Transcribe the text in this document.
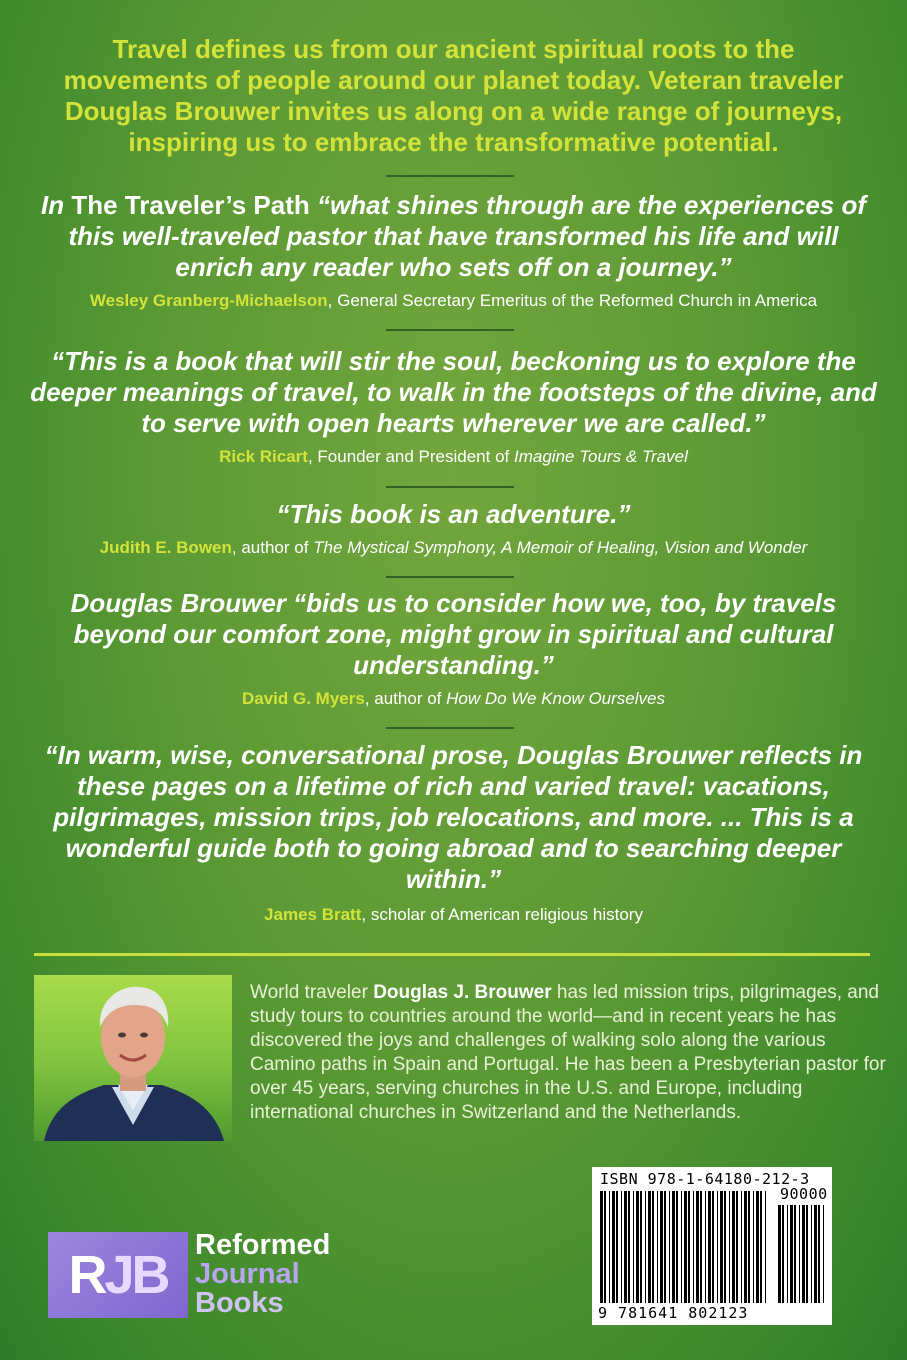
Travel defines us from our ancient spiritual roots to the movements of people around our planet today. Veteran traveler Douglas Brouwer invites us along on a wide range of journeys, inspiring us to embrace the transformative potential.
In The Traveler’s Path “what shines through are the experiences of this well-traveled pastor that have transformed his life and will enrich any reader who sets off on a journey.”
Wesley Granberg-Michaelson, General Secretary Emeritus of the Reformed Church in America
“This is a book that will stir the soul, beckoning us to explore the deeper meanings of travel, to walk in the footsteps of the divine, and to serve with open hearts wherever we are called.”
Rick Ricart, Founder and President of Imagine Tours & Travel
“This book is an adventure.”
Judith E. Bowen, author of The Mystical Symphony, A Memoir of Healing, Vision and Wonder
Douglas Brouwer “bids us to consider how we, too, by travels beyond our comfort zone, might grow in spiritual and cultural understanding.”
David G. Myers, author of How Do We Know Ourselves
“In warm, wise, conversational prose, Douglas Brouwer reflects in these pages on a lifetime of rich and varied travel: vacations, pilgrimages, mission trips, job relocations, and more. ... This is a wonderful guide both to going abroad and to searching deeper within.”
James Bratt, scholar of American religious history
World traveler Douglas J. Brouwer has led mission trips, pilgrimages, and study tours to countries around the world—and in recent years he has discovered the joys and challenges of walking solo along the various Camino paths in Spain and Portugal. He has been a Presbyterian pastor for over 45 years, serving churches in the U.S. and Europe, including international churches in Switzerland and the Netherlands.
ISBN 978-1-64180-212-3
90000
9 781641 802123
RJB Reformed
Journal
Books
